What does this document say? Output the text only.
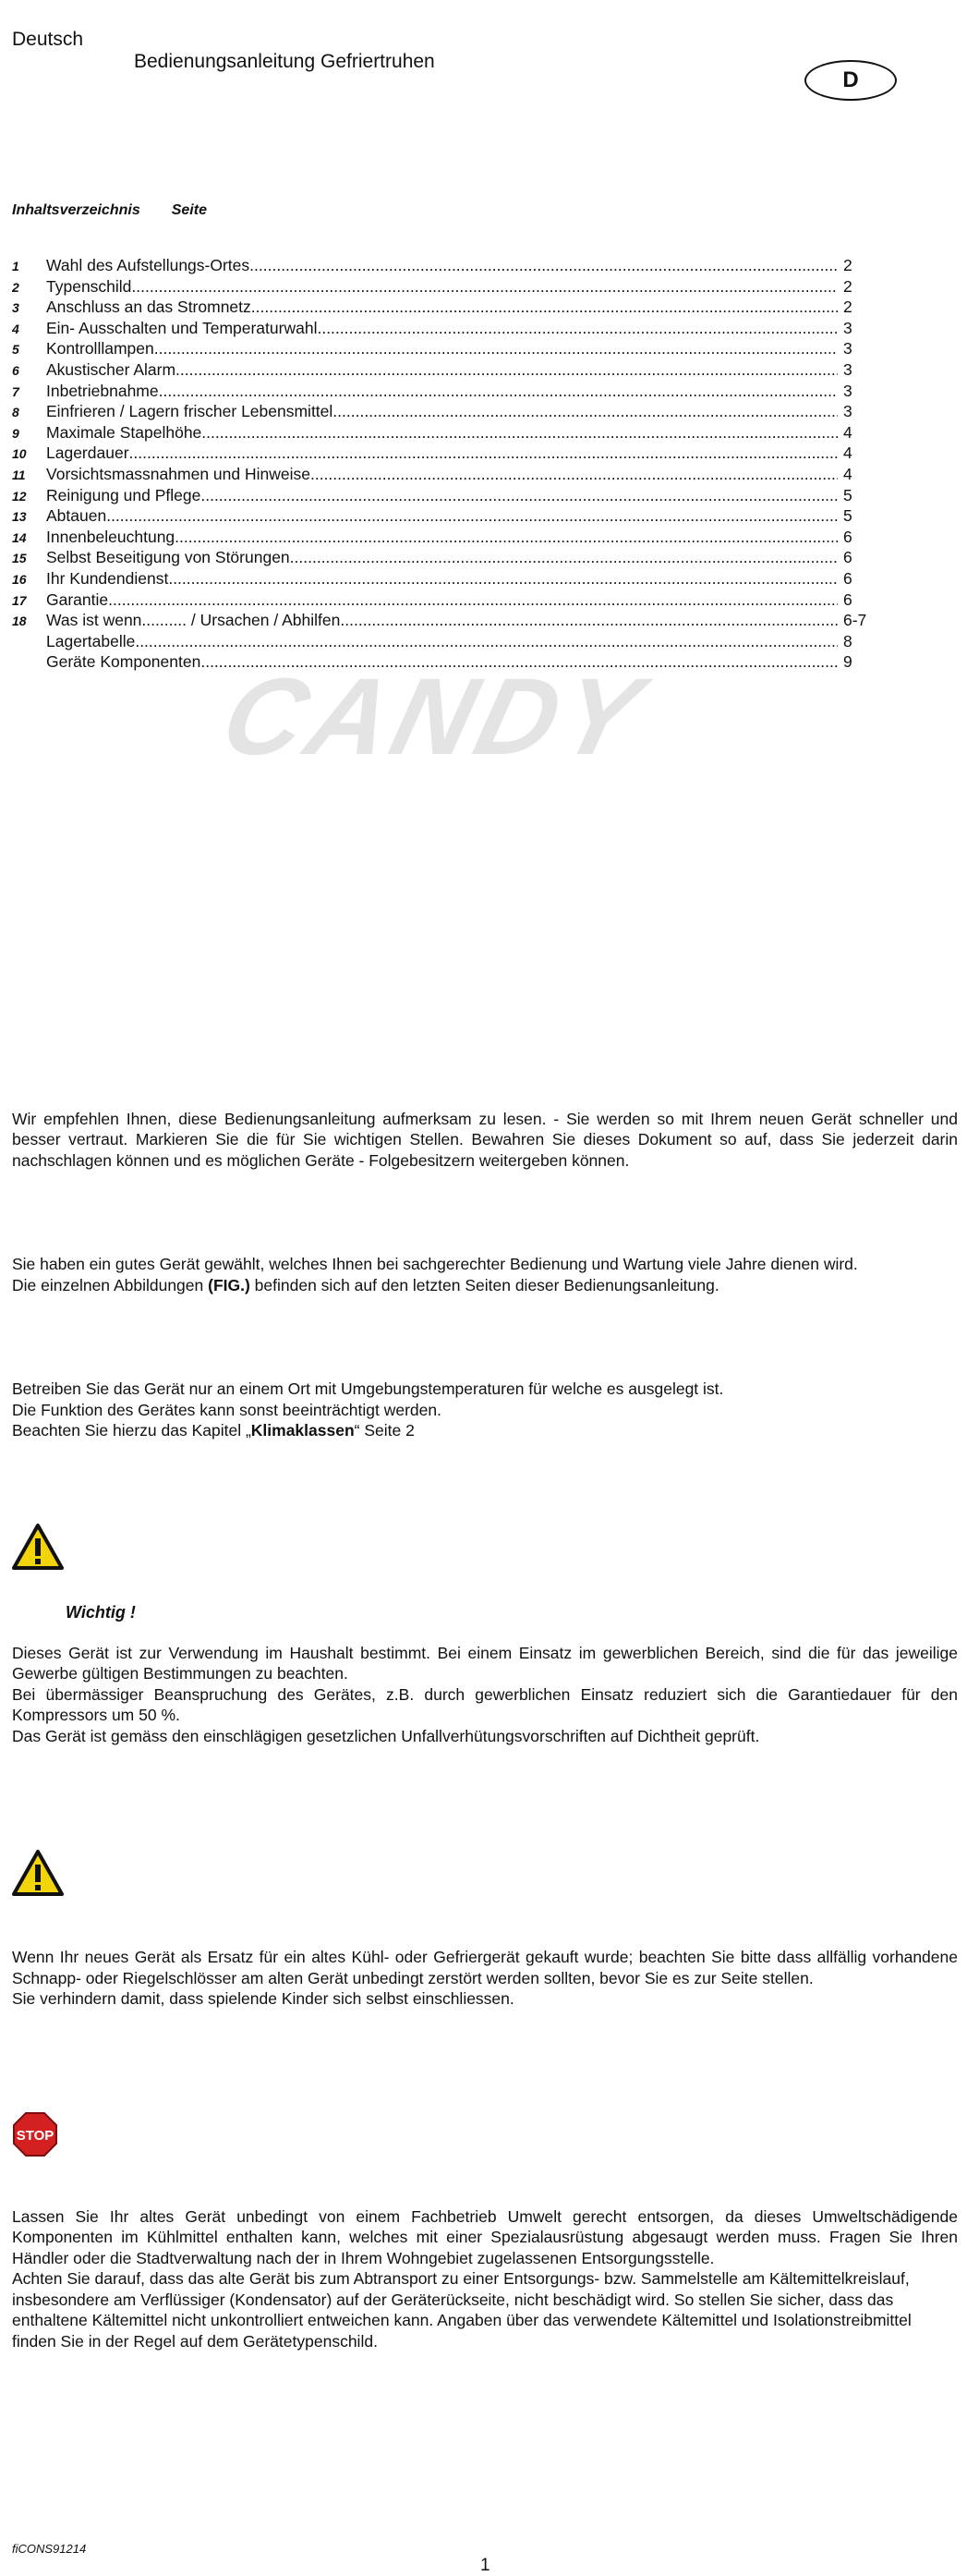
CANDY
Deutsch
Bedienungsanleitung Gefriertruhen
D
Inhaltsverzeichnis Seite
1	Wahl des Aufstellungs-Ortes .....	2
2	Typenschild .....	2
3	Anschluss an das Stromnetz .....	2
4	Ein- Ausschalten und Temperaturwahl .....	3
5	Kontrolllampen .....	3
6	Akustischer Alarm .....	3
7	Inbetriebnahme .....	3
8	Einfrieren / Lagern frischer Lebensmittel .....	3
9	Maximale Stapelhöhe .....	4
10	Lagerdauer .....	4
11	Vorsichtsmassnahmen und Hinweise .....	4
12	Reinigung und Pflege .....	5
13	Abtauen .....	5
14	Innenbeleuchtung .....	6
15	Selbst Beseitigung von Störungen .....	6
16	Ihr Kundendienst .....	6
17	Garantie .....	6
18	Was ist wenn.......... / Ursachen / Abhilfen .....	6-7
Lagertabelle .....	8
Geräte Komponenten .....	9

Wir empfehlen Ihnen, diese Bedienungsanleitung aufmerksam zu lesen. - Sie werden so mit Ihrem neuen Gerät schneller und besser vertraut. Markieren Sie die für Sie wichtigen Stellen. Bewahren Sie dieses Dokument so auf, dass Sie jederzeit darin nachschlagen können und es möglichen Geräte - Folgebesitzern weitergeben können.

Sie haben ein gutes Gerät gewählt, welches Ihnen bei sachgerechter Bedienung und Wartung viele Jahre dienen wird.

Die einzelnen Abbildungen (FIG.) befinden sich auf den letzten Seiten dieser Bedienungsanleitung.

Betreiben Sie das Gerät nur an einem Ort mit Umgebungstemperaturen für welche es ausgelegt ist.

Die Funktion des Gerätes kann sonst beeinträchtigt werden.

Beachten Sie hierzu das Kapitel „Klimaklassen“ Seite 2

Wichtig !

Dieses Gerät ist zur Verwendung im Haushalt bestimmt. Bei einem Einsatz im gewerblichen Bereich, sind die für das jeweilige Gewerbe gültigen Bestimmungen zu beachten.

Bei übermässiger Beanspruchung des Gerätes, z.B. durch gewerblichen Einsatz reduziert sich die Garantiedauer für den Kompressors um 50 %.

Das Gerät ist gemäss den einschlägigen gesetzlichen Unfallverhütungsvorschriften auf Dichtheit geprüft.

Wenn Ihr neues Gerät als Ersatz für ein altes Kühl- oder Gefriergerät gekauft wurde; beachten Sie bitte dass allfällig vorhandene Schnapp- oder Riegelschlösser am alten Gerät unbedingt zerstört werden sollten, bevor Sie es zur Seite stellen.

Sie verhindern damit, dass spielende Kinder sich selbst einschliessen.

STOP

Lassen Sie Ihr altes Gerät unbedingt von einem Fachbetrieb Umwelt gerecht entsorgen, da dieses Umweltschädigende Komponenten im Kühlmittel enthalten kann, welches mit einer Spezialausrüstung abgesaugt werden muss. Fragen Sie Ihren Händler oder die Stadtverwaltung nach der in Ihrem Wohngebiet zugelassenen Entsorgungsstelle.

Achten Sie darauf, dass das alte Gerät bis zum Abtransport zu einer Entsorgungs- bzw. Sammelstelle am Kältemittelkreislauf, insbesondere am Verflüssiger (Kondensator) auf der Geräterückseite, nicht beschädigt wird. So stellen Sie sicher, dass das enthaltene Kältemittel nicht unkontrolliert entweichen kann. Angaben über das verwendete Kältemittel und Isolationstreibmittel finden Sie in der Regel auf dem Gerätetypenschild.

fiCONS91214
1
